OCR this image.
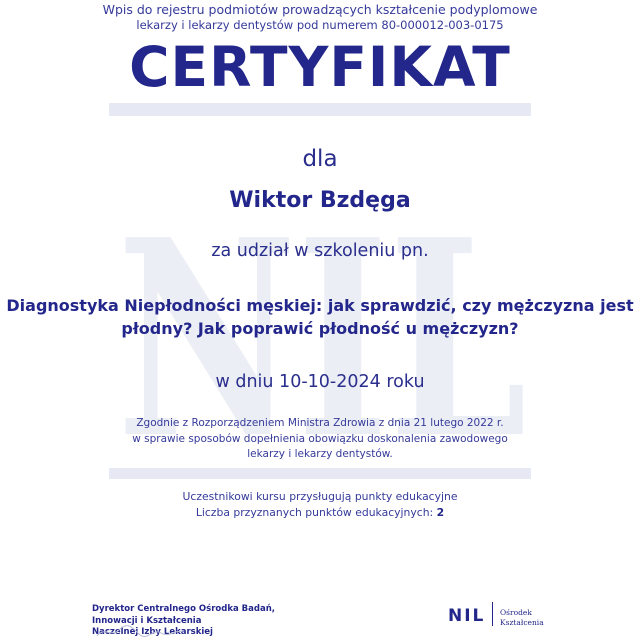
Wpis do rejestru podmiotów prowadzących kształcenie podyplomowe
lekarzy i lekarzy dentystów pod numerem 80-000012-003-0175
CERTYFIKAT
NIL
dla
Wiktor Bzdęga
za udział w szkoleniu pn.
Diagnostyka Niepłodności męskiej: jak sprawdzić, czy mężczyzna jest
płodny? Jak poprawić płodność u mężczyzn?
w dniu 10-10-2024 roku
Zgodnie z Rozporządzeniem Ministra Zdrowia z dnia 21 lutego 2022 r.
w sprawie sposobów dopełnienia obowiązku doskonalenia zawodowego
lekarzy i lekarzy dentystów.
Uczestnikowi kursu przysługują punkty edukacyjne
Liczba przyznanych punktów edukacyjnych: 2
Dyrektor Centralnego Ośrodka Badań,
Innowacji i Kształcenia
Naczelnej Izby Lekarskiej
NIL Ośrodek
Kształcenia
